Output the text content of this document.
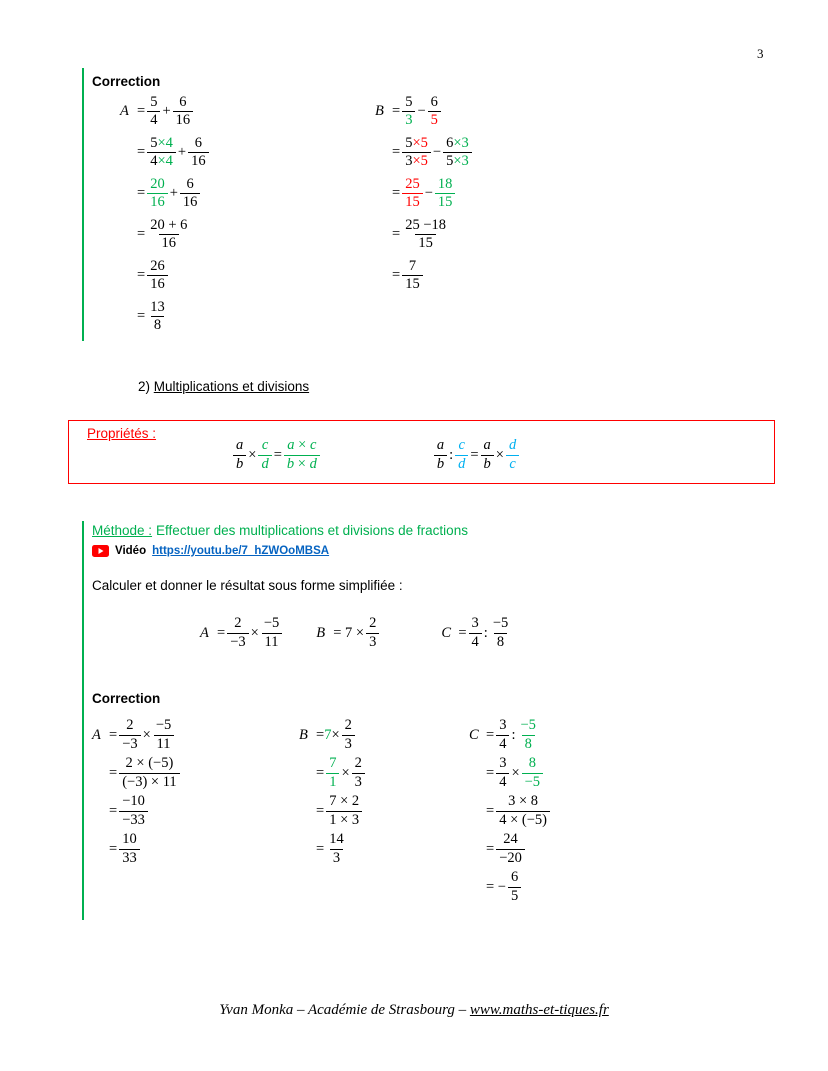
3
Correction
$A = \frac{5}{4} + \frac{6}{16}$
= $\frac{5\times 4}{4\times 4} + \frac{6}{16}$
= $\frac{20}{16} + \frac{6}{16}$
= $\frac{20 + 6}{16}$
= $\frac{26}{16}$
= $\frac{13}{8}$
$B = \frac{5}{3} - \frac{6}{5}$
= $\frac{5\times 5}{3\times 5} - \frac{6\times 3}{5\times 3}$
= $\frac{25}{15} - \frac{18}{15}$
= $\frac{25 -18}{15}$
= $\frac{7}{15}$
2) Multiplications et divisions
Propriétés :
$\frac{a}{b} \times \frac{c}{d} = \frac{a \times c}{b \times d}$	$\frac{a}{b}$ : $\frac{c}{d} = \frac{a}{b} \times \frac{d}{c}$
Méthode : Effectuer des multiplications et divisions de fractions
Vidéo https://youtu.be/7_hZWOoMBSA
Calculer et donner le résultat sous forme simplifiée :
$A = \frac{2}{-3} \times \frac{-5}{11}$ $B = 7 \times \frac{2}{3}$	$C = \frac{3}{4}$ : $\frac{-5}{8}$
Correction
$A = \frac{2}{-3} \times \frac{-5}{11}$
= $\frac{2 \times (-5)}{(-3) \times 11}$
= $\frac{-10}{-33}$
= $\frac{10}{33}$
$B = 7 \times \frac{2}{3}$
= $\frac{7}{1} \times \frac{2}{3}$
= $\frac{7 \times 2}{1 \times 3}$
= $\frac{14}{3}$
$C = \frac{3}{4}$ : $\frac{-5}{8}$
= $\frac{3}{4} \times \frac{8}{-5}$
= $\frac{3 \times 8}{4 \times (-5)}$
= $\frac{24}{-20}$
= − $\frac{6}{5}$
Yvan Monka – Académie de Strasbourg – www.maths-et-tiques.fr
